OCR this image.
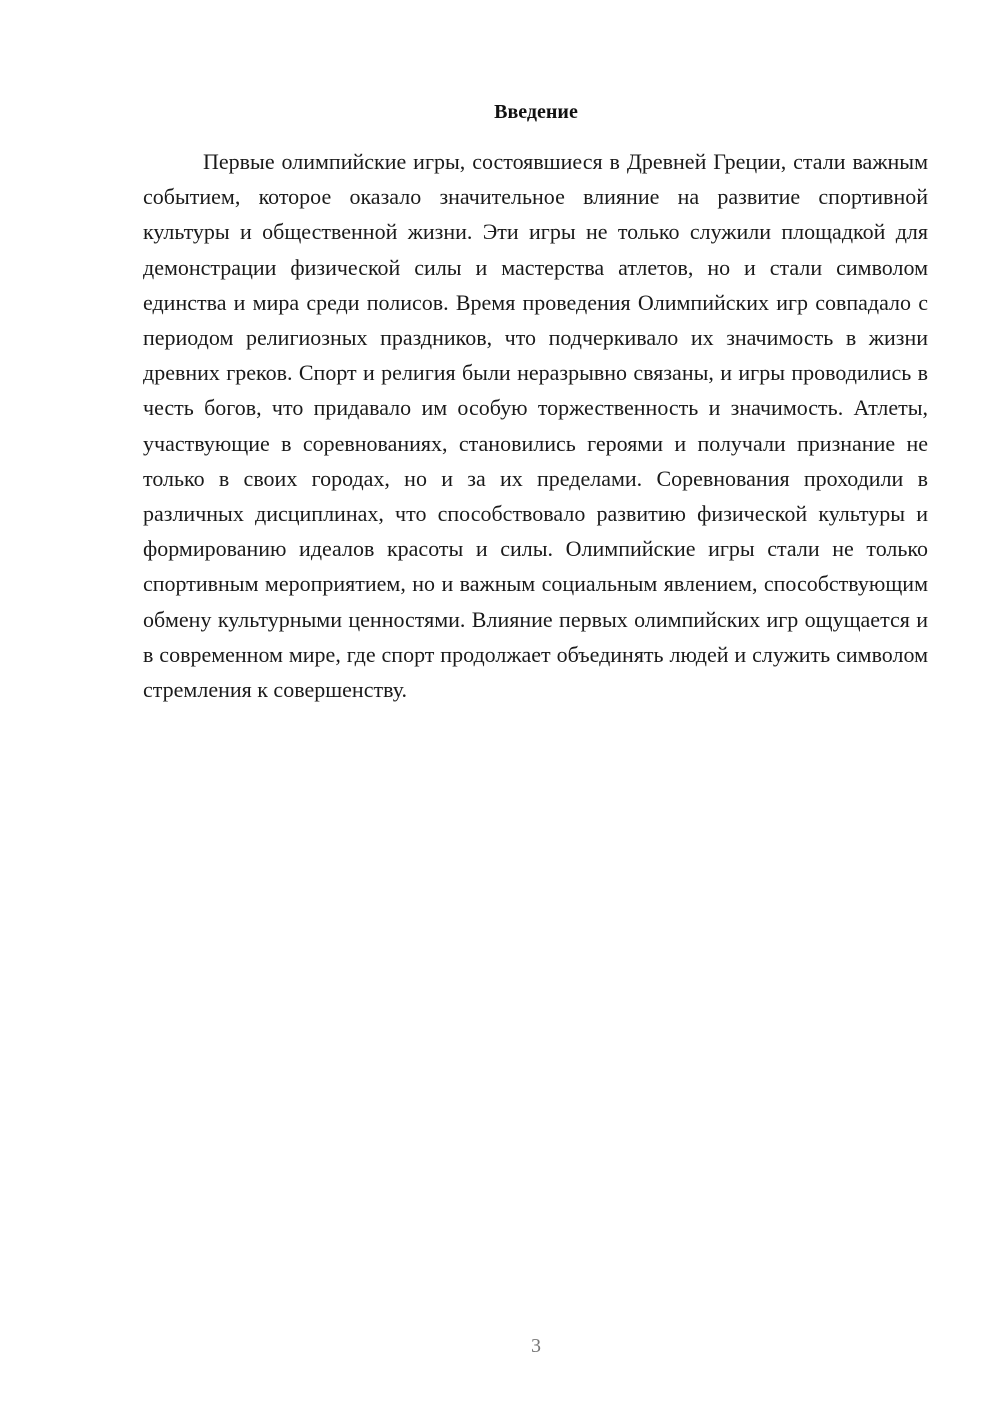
Введение

Первые олимпийские игры, состоявшиеся в Древней Греции, стали важным событием, которое оказало значительное влияние на развитие спортивной культуры и общественной жизни. Эти игры не только служили площадкой для демонстрации физической силы и мастерства атлетов, но и стали символом единства и мира среди полисов. Время проведения Олимпийских игр совпадало с периодом религиозных праздников, что подчеркивало их значимость в жизни древних греков. Спорт и религия были неразрывно связаны, и игры проводились в честь богов, что придавало им особую торжественность и значимость. Атлеты, участвующие в соревнованиях, становились героями и получали признание не только в своих городах, но и за их пределами. Соревнования проходили в различных дисциплинах, что способствовало развитию физической культуры и формированию идеалов красоты и силы. Олимпийские игры стали не только спортивным мероприятием, но и важным социальным явлением, способствующим обмену культурными ценностями. Влияние первых олимпийских игр ощущается и в современном мире, где спорт продолжает объединять людей и служить символом стремления к совершенству.

3
